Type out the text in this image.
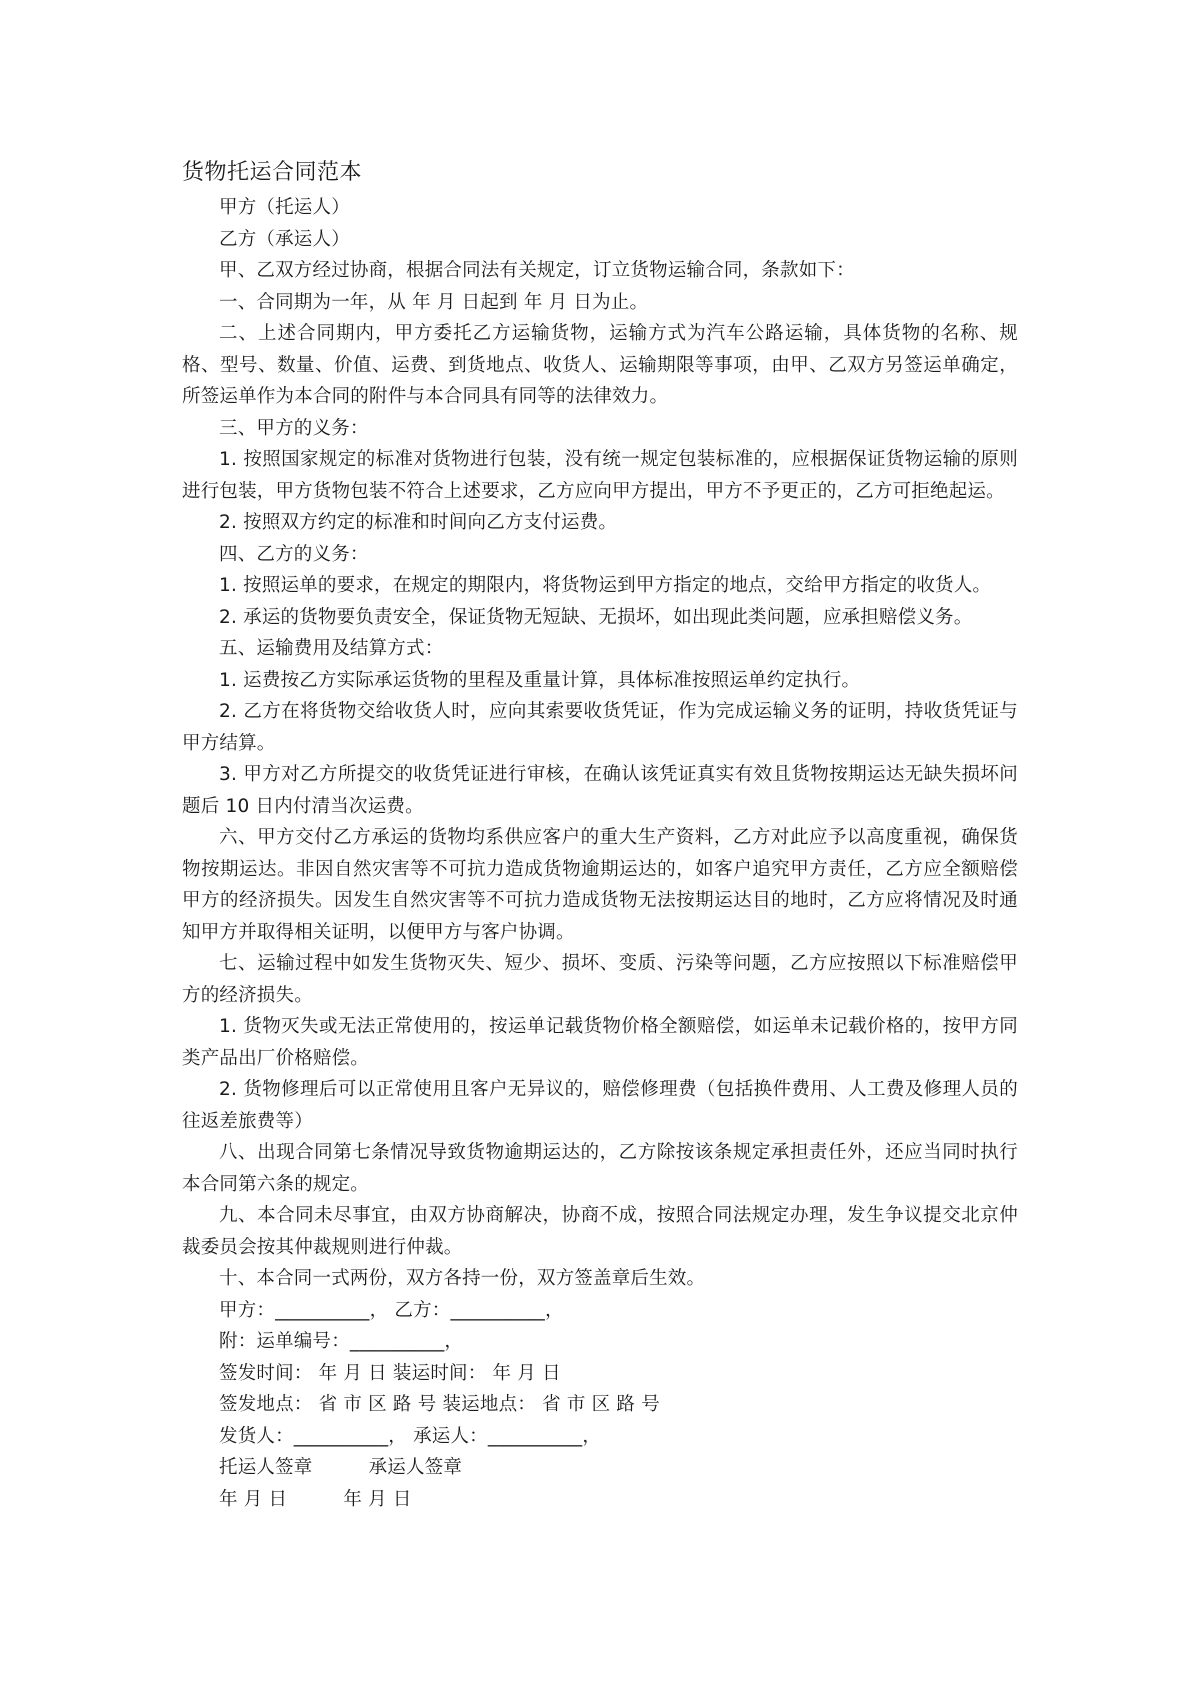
货物托运合同范本

甲方（托运人）

乙方（承运人）

甲、乙双方经过协商，根据合同法有关规定，订立货物运输合同，条款如下：

一、合同期为一年，从 年 月 日起到 年 月 日为止。

二、上述合同期内，甲方委托乙方运输货物，运输方式为汽车公路运输，具体货物的名称、规格、型号、数量、价值、运费、到货地点、收货人、运输期限等事项，由甲、乙双方另签运单确定，所签运单作为本合同的附件与本合同具有同等的法律效力。

三、甲方的义务：

1. 按照国家规定的标准对货物进行包装，没有统一规定包装标准的，应根据保证货物运输的原则进行包装，甲方货物包装不符合上述要求，乙方应向甲方提出，甲方不予更正的，乙方可拒绝起运。

2. 按照双方约定的标准和时间向乙方支付运费。

四、乙方的义务：

1. 按照运单的要求，在规定的期限内，将货物运到甲方指定的地点，交给甲方指定的收货人。

2. 承运的货物要负责安全，保证货物无短缺、无损坏，如出现此类问题，应承担赔偿义务。

五、运输费用及结算方式：

1. 运费按乙方实际承运货物的里程及重量计算，具体标准按照运单约定执行。

2. 乙方在将货物交给收货人时，应向其索要收货凭证，作为完成运输义务的证明，持收货凭证与甲方结算。

3. 甲方对乙方所提交的收货凭证进行审核，在确认该凭证真实有效且货物按期运达无缺失损坏问题后 10 日内付清当次运费。

六、甲方交付乙方承运的货物均系供应客户的重大生产资料，乙方对此应予以高度重视，确保货物按期运达。非因自然灾害等不可抗力造成货物逾期运达的，如客户追究甲方责任，乙方应全额赔偿甲方的经济损失。因发生自然灾害等不可抗力造成货物无法按期运达目的地时，乙方应将情况及时通知甲方并取得相关证明，以便甲方与客户协调。

七、运输过程中如发生货物灭失、短少、损坏、变质、污染等问题，乙方应按照以下标准赔偿甲方的经济损失。

1. 货物灭失或无法正常使用的，按运单记载货物价格全额赔偿，如运单未记载价格的，按甲方同类产品出厂价格赔偿。

2. 货物修理后可以正常使用且客户无异议的，赔偿修理费（包括换件费用、人工费及修理人员的往返差旅费等）

八、出现合同第七条情况导致货物逾期运达的，乙方除按该条规定承担责任外，还应当同时执行本合同第六条的规定。

九、本合同未尽事宜，由双方协商解决，协商不成，按照合同法规定办理，发生争议提交北京仲裁委员会按其仲裁规则进行仲裁。

十、本合同一式两份，双方各持一份，双方签盖章后生效。

甲方：__________， 乙方：__________，

附：运单编号：__________，

签发时间： 年 月 日 装运时间： 年 月 日

签发地点： 省 市 区 路 号 装运地点： 省 市 区 路 号

发货人：__________， 承运人：__________，

托运人签章　　　承运人签章

年 月 日　　　年 月 日
